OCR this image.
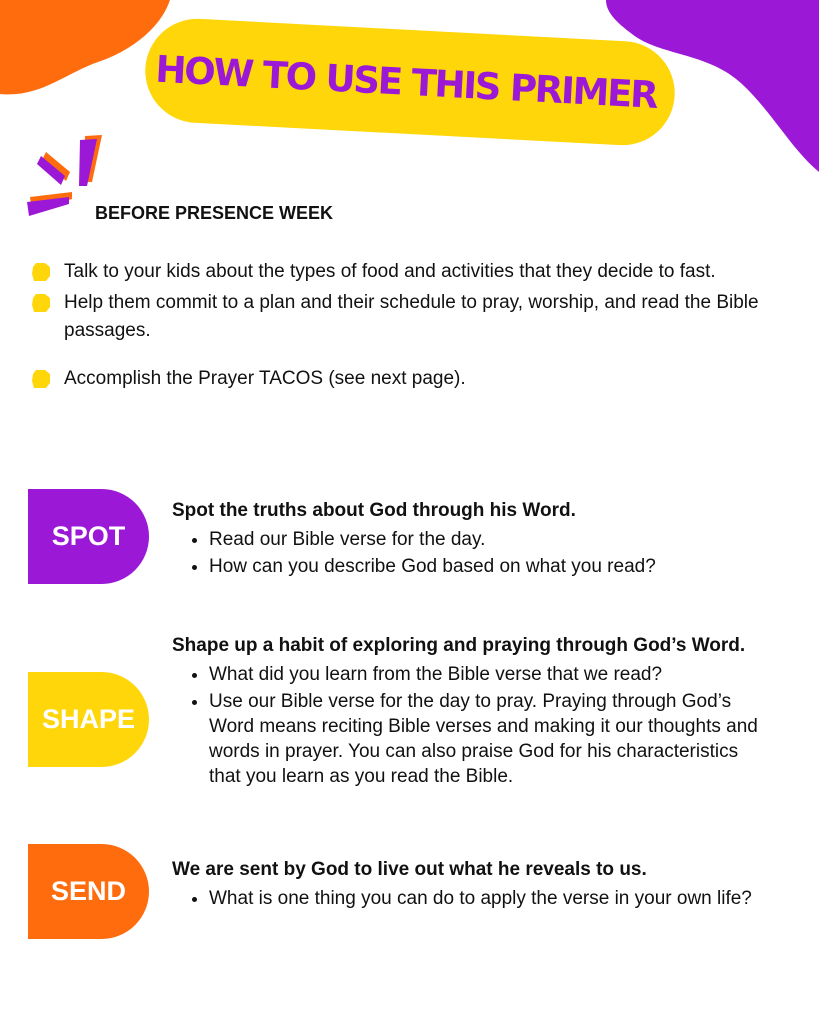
HOW TO USE THIS PRIMER
BEFORE PRESENCE WEEK
Talk to your kids about the types of food and activities that they decide to fast.
Help them commit to a plan and their schedule to pray, worship, and read the Bible passages.
Accomplish the Prayer TACOS (see next page).
SPOT

Spot the truths about God through his Word.

• Read our Bible verse for the day.
• How can you describe God based on what you read?
SHAPE

Shape up a habit of exploring and praying through God’s Word.

• What did you learn from the Bible verse that we read?
• Use our Bible verse for the day to pray. Praying through God’s Word means reciting Bible verses and making it our thoughts and words in prayer. You can also praise God for his characteristics that you learn as you read the Bible.
SEND

We are sent by God to live out what he reveals to us.

• What is one thing you can do to apply the verse in your own life?
